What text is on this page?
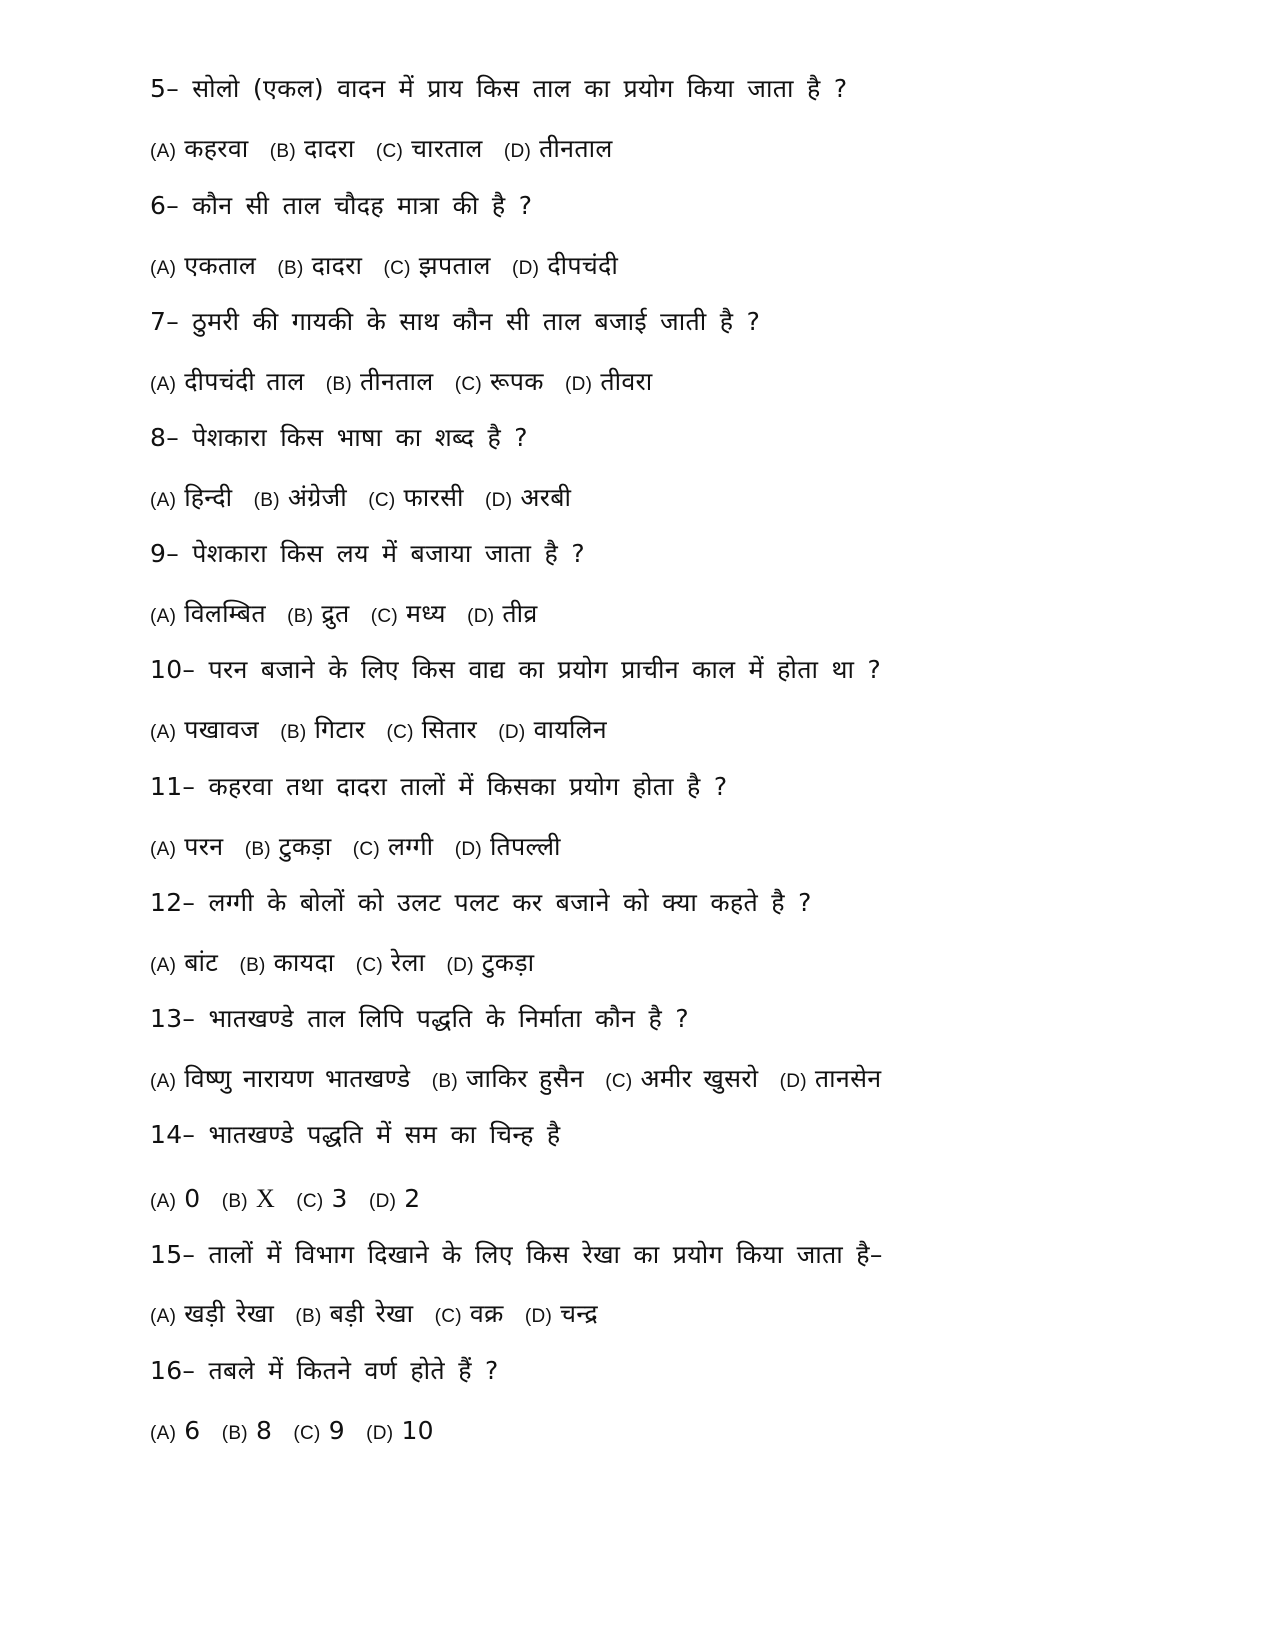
5– सोलो (एकल) वादन में प्राय किस ताल का प्रयोग किया जाता है ?
(A) कहरवा (B) दादरा (C) चारताल (D) तीनताल
6– कौन सी ताल चौदह मात्रा की है ?
(A) एकताल (B) दादरा (C) झपताल (D) दीपचंदी
7– ठुमरी की गायकी के साथ कौन सी ताल बजाई जाती है ?
(A) दीपचंदी ताल (B) तीनताल (C) रूपक (D) तीवरा
8– पेशकारा किस भाषा का शब्द है ?
(A) हिन्दी (B) अंग्रेजी (C) फारसी (D) अरबी
9– पेशकारा किस लय में बजाया जाता है ?
(A) विलम्बित (B) द्रुत (C) मध्य (D) तीव्र
10– परन बजाने के लिए किस वाद्य का प्रयोग प्राचीन काल में होता था ?
(A) पखावज (B) गिटार (C) सितार (D) वायलिन
11– कहरवा तथा दादरा तालों में किसका प्रयोग होता है ?
(A) परन (B) टुकड़ा (C) लग्गी (D) तिपल्ली
12– लग्गी के बोलों को उलट पलट कर बजाने को क्या कहते है ?
(A) बांट (B) कायदा (C) रेला (D) टुकड़ा
13– भातखण्डे ताल लिपि पद्धति के निर्माता कौन है ?
(A) विष्णु नारायण भातखण्डे (B) जाकिर हुसैन (C) अमीर खुसरो (D) तानसेन
14– भातखण्डे पद्धति में सम का चिन्ह है
(A) 0 (B) X (C) 3 (D) 2
15– तालों में विभाग दिखाने के लिए किस रेखा का प्रयोग किया जाता है–
(A) खड़ी रेखा (B) बड़ी रेखा (C) वक्र (D) चन्द्र
16– तबले में कितने वर्ण होते हैं ?
(A) 6 (B) 8 (C) 9 (D) 10
